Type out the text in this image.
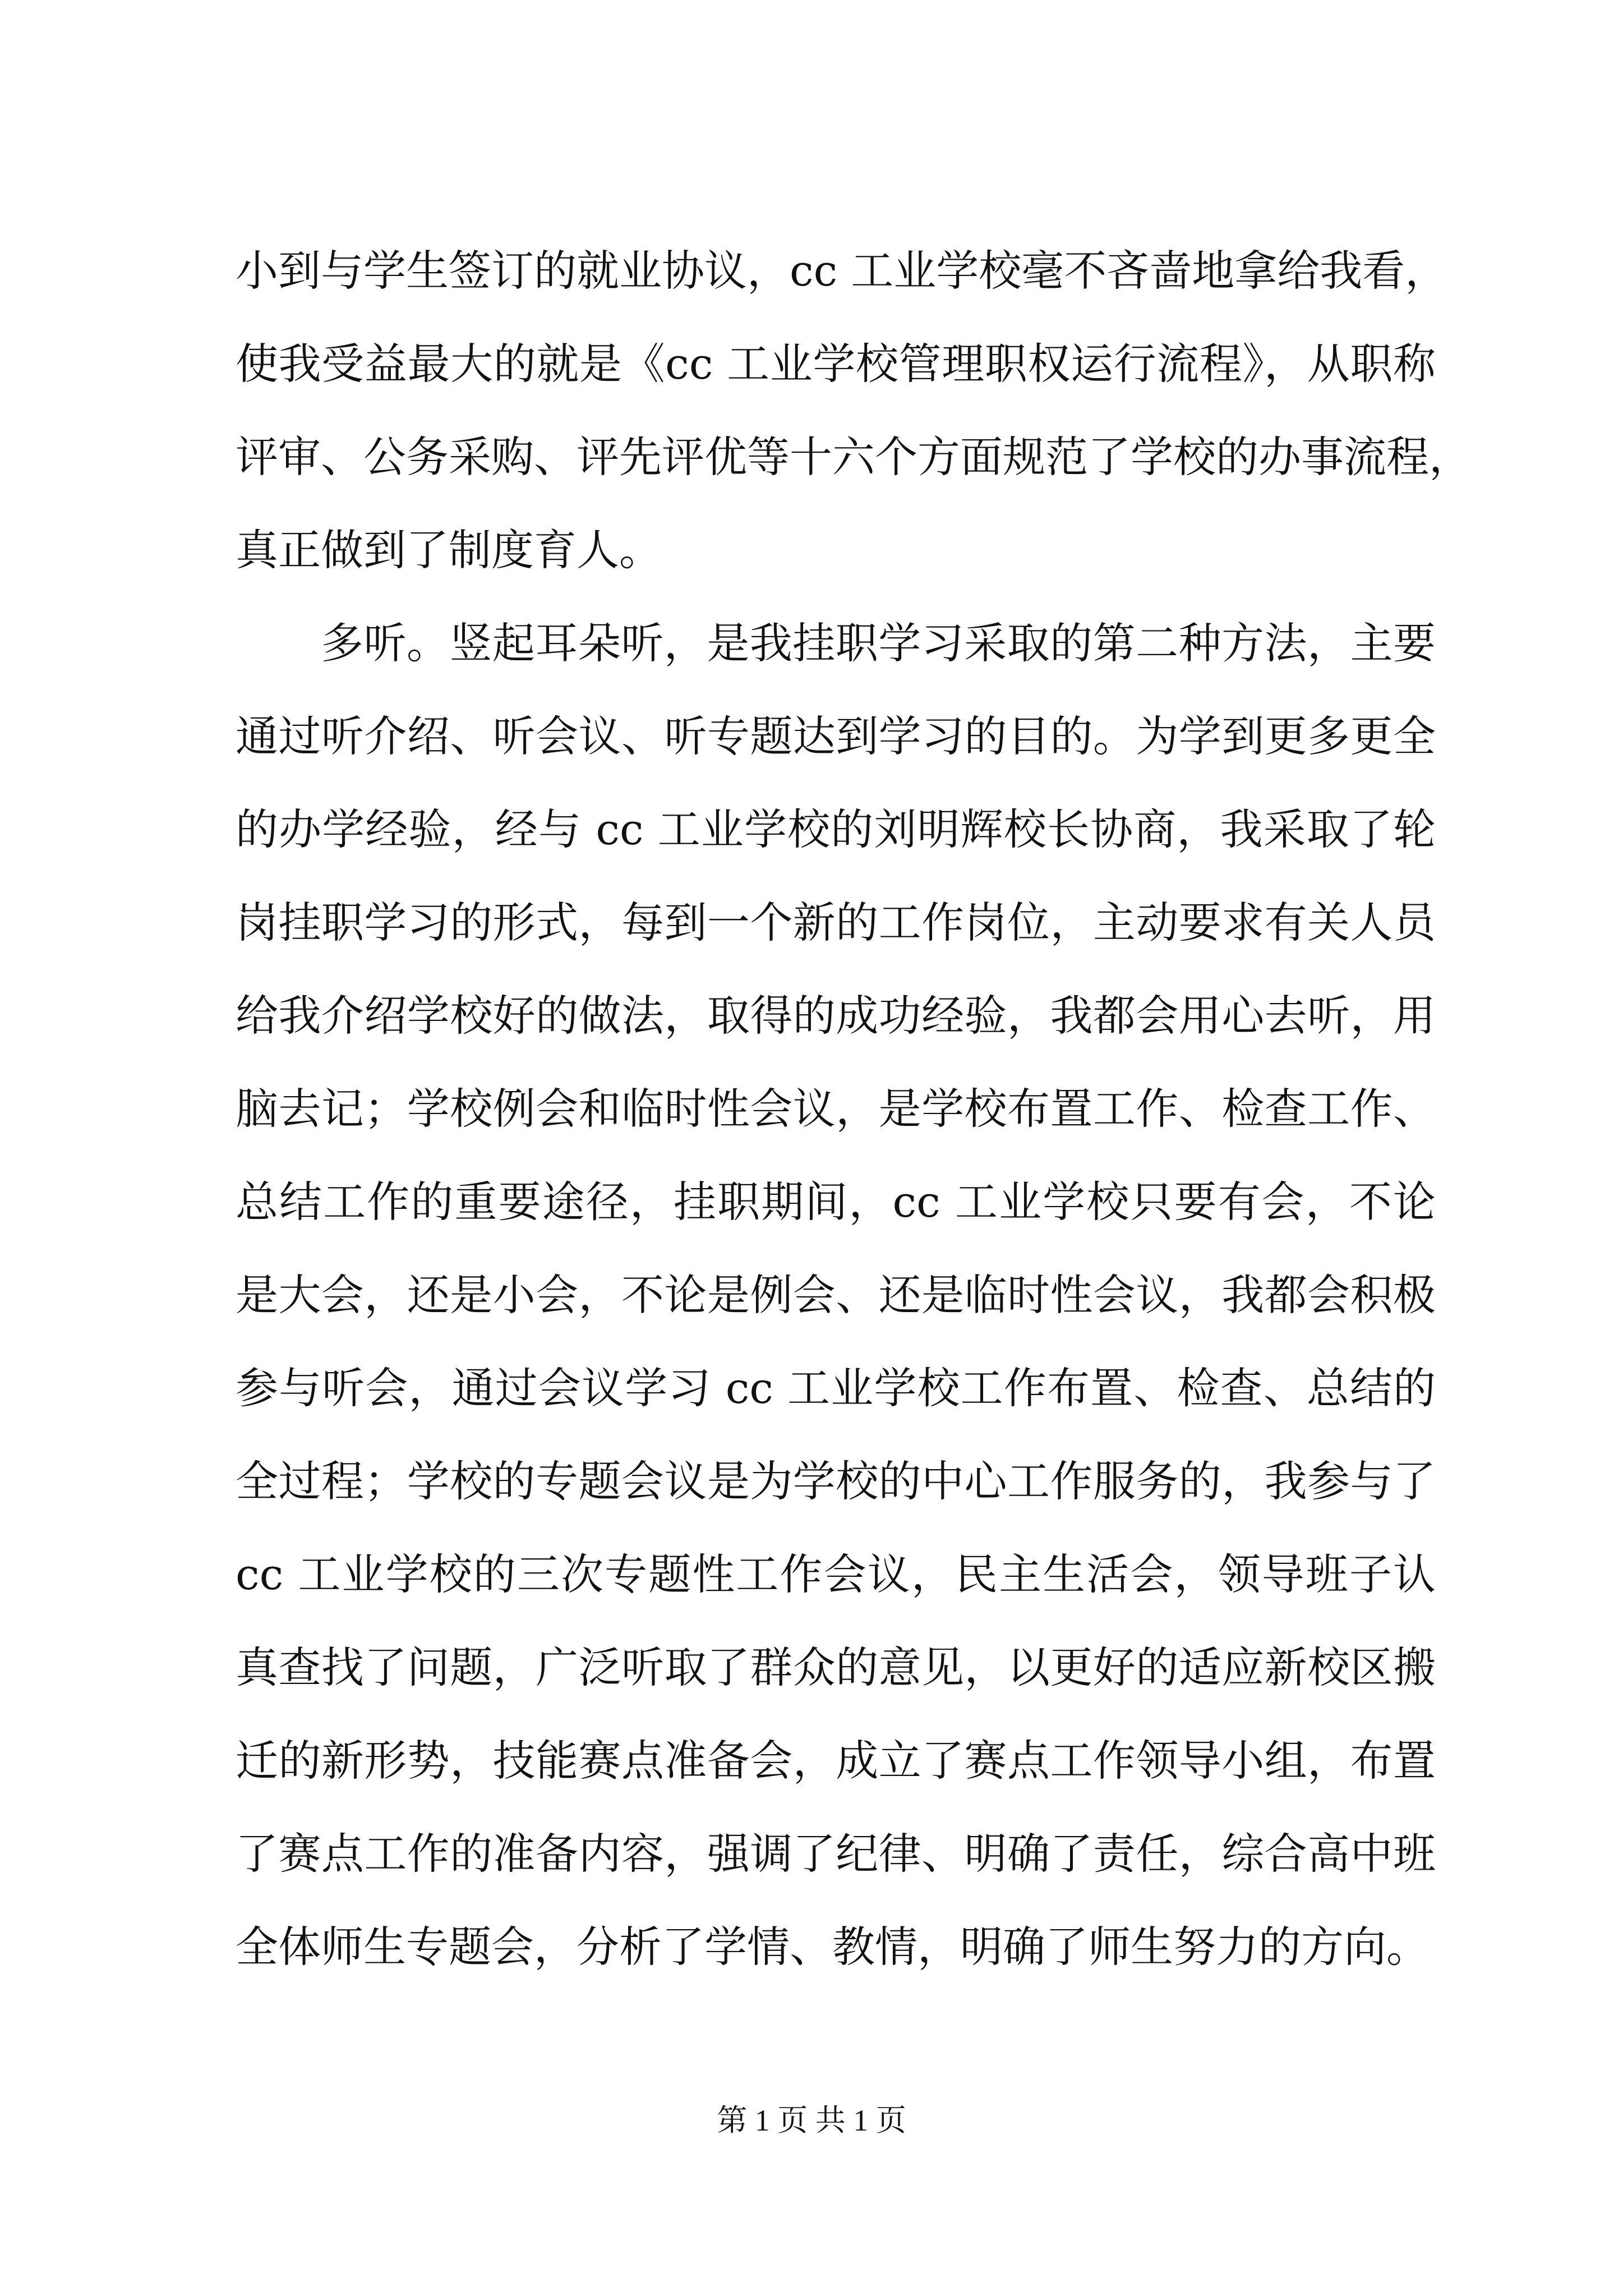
小到与学生签订的就业协议，cc 工业学校毫不吝啬地拿给我看，
使我受益最大的就是《cc 工业学校管理职权运行流程》，从职称
评审、公务采购、评先评优等十六个方面规范了学校的办事流程，
真正做到了制度育人。
多听。竖起耳朵听，是我挂职学习采取的第二种方法，主要
通过听介绍、听会议、听专题达到学习的目的。为学到更多更全
的办学经验，经与 cc 工业学校的刘明辉校长协商，我采取了轮
岗挂职学习的形式，每到一个新的工作岗位，主动要求有关人员
给我介绍学校好的做法，取得的成功经验，我都会用心去听，用
脑去记；学校例会和临时性会议，是学校布置工作、检查工作、
总结工作的重要途径，挂职期间，cc 工业学校只要有会，不论
是大会，还是小会，不论是例会、还是临时性会议，我都会积极
参与听会，通过会议学习 cc 工业学校工作布置、检查、总结的
全过程；学校的专题会议是为学校的中心工作服务的，我参与了
cc 工业学校的三次专题性工作会议，民主生活会，领导班子认
真查找了问题，广泛听取了群众的意见，以更好的适应新校区搬
迁的新形势，技能赛点准备会，成立了赛点工作领导小组，布置
了赛点工作的准备内容，强调了纪律、明确了责任，综合高中班
全体师生专题会，分析了学情、教情，明确了师生努力的方向。
第 1 页 共 1 页
